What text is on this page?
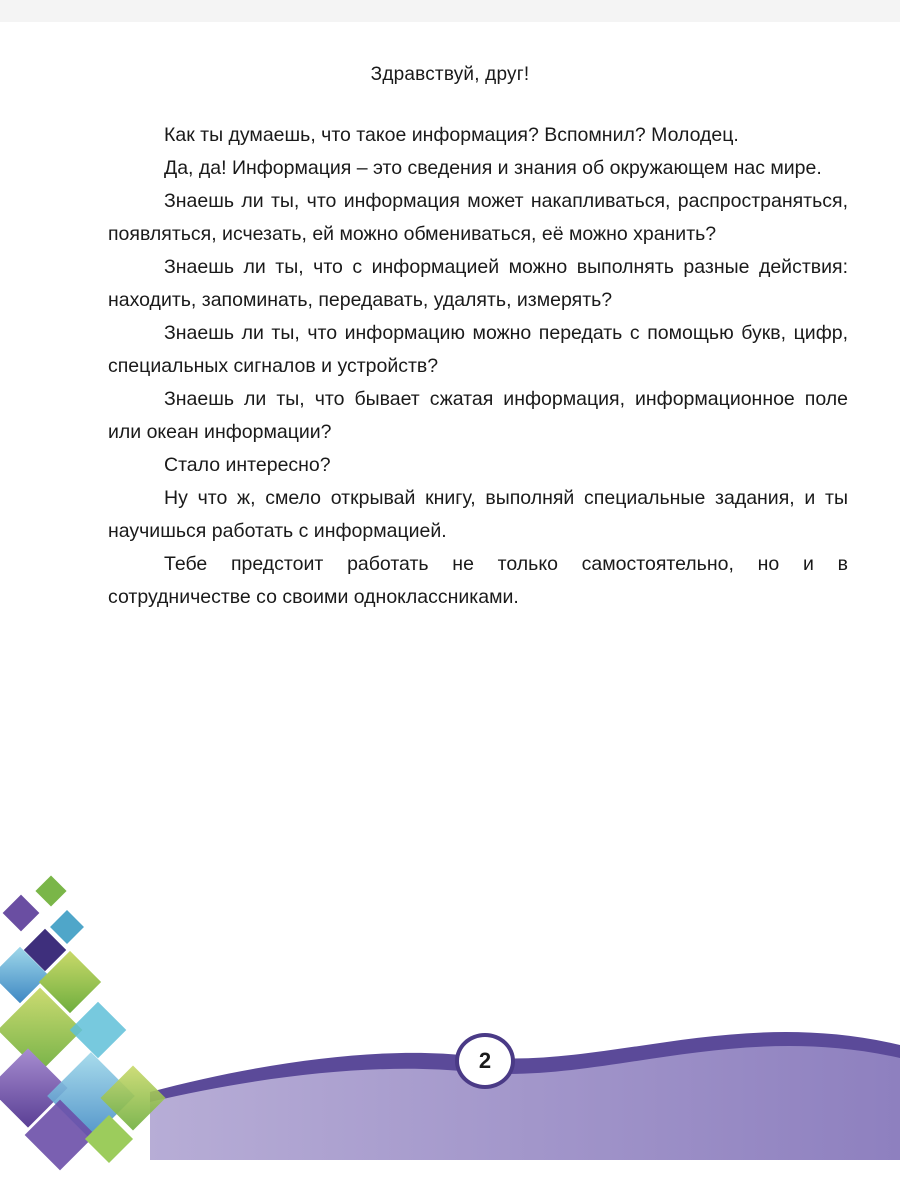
Здравствуй, друг!

Как ты думаешь, что такое информация? Вспомнил? Молодец.

Да, да! Информация – это сведения и знания об окружающем нас мире.

Знаешь ли ты, что информация может накапливаться, распространяться, появляться, исчезать, ей можно обмениваться, её можно хранить?

Знаешь ли ты, что с информацией можно выполнять разные действия: находить, запоминать, передавать, удалять, измерять?

Знаешь ли ты, что информацию можно передать с помощью букв, цифр, специальных сигналов и устройств?

Знаешь ли ты, что бывает сжатая информация, информационное поле или океан информации?

Стало интересно?

Ну что ж, смело открывай книгу, выполняй специальные задания, и ты научишься работать с информацией.

Тебе предстоит работать не только самостоятельно, но и в сотрудничестве со своими одноклассниками.

2
